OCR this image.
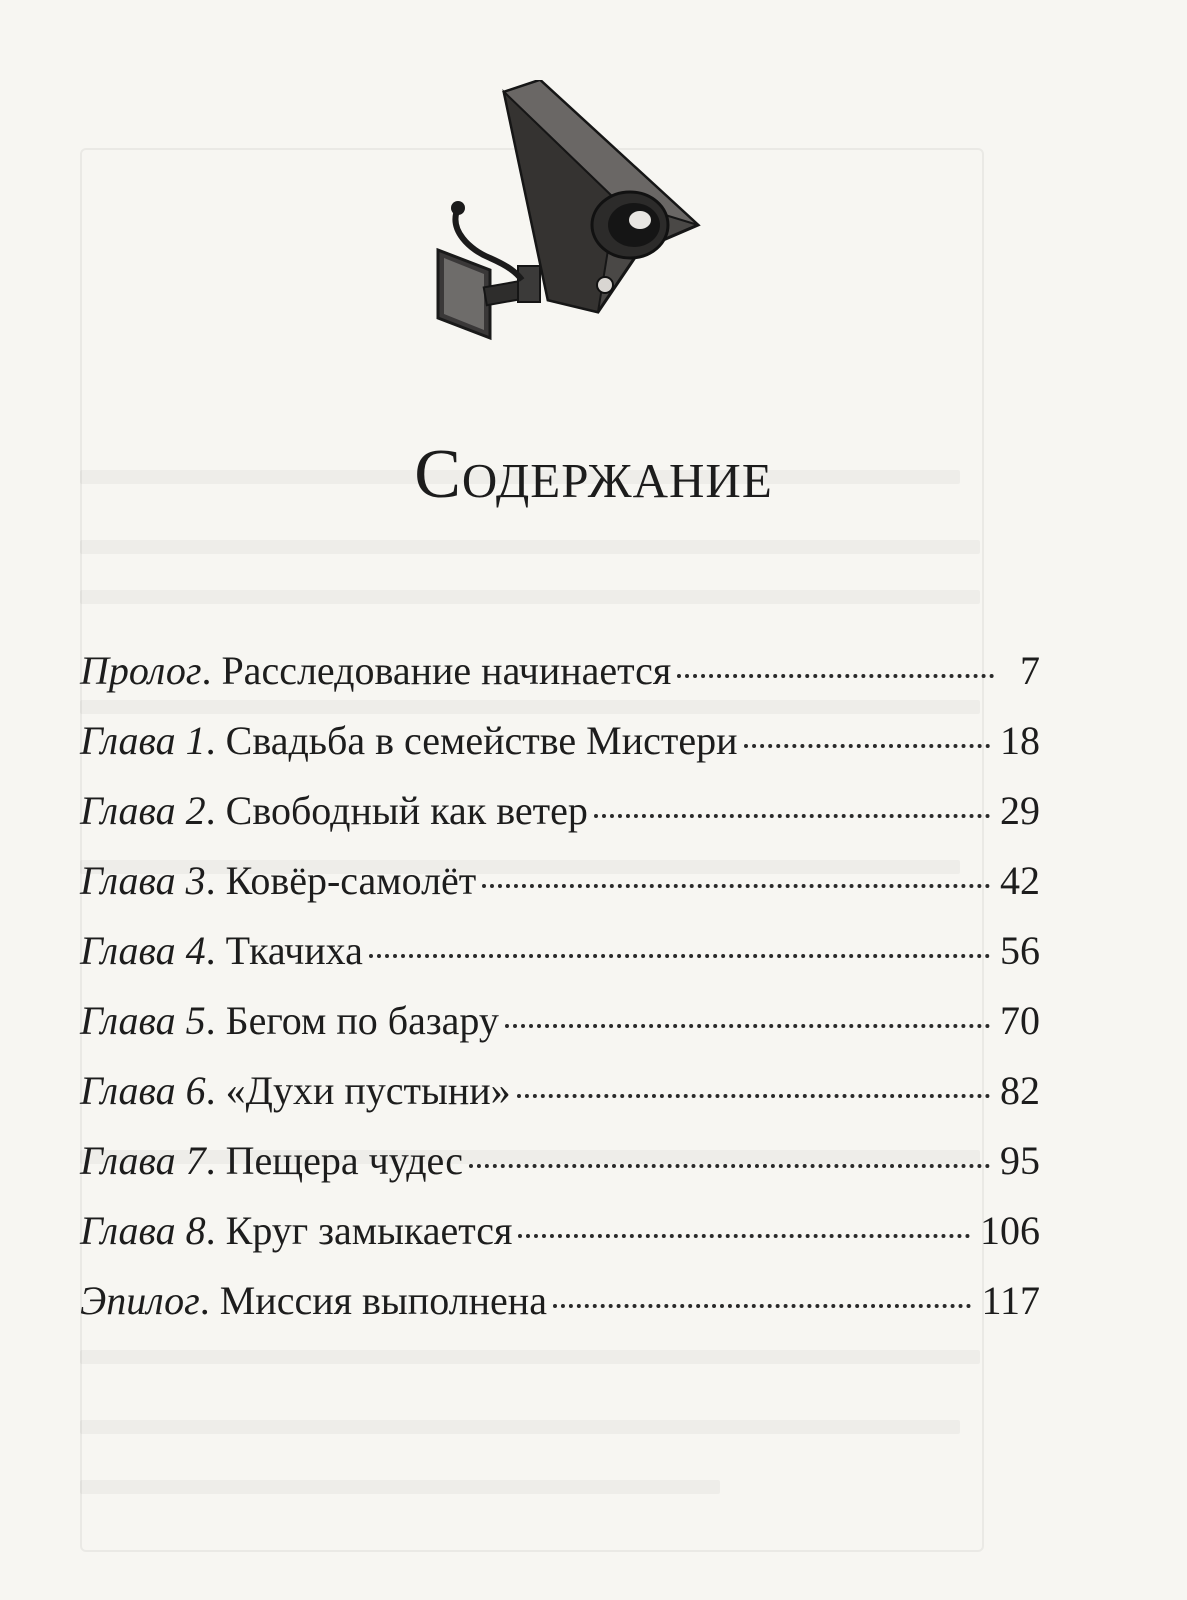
Содержание
Пролог . Расследование начинается	7
Глава 1 . Свадьба в семействе Мистери	18
Глава 2 . Свободный как ветер	29
Глава 3 . Ковёр-самолёт	42
Глава 4 . Ткачиха	56
Глава 5 . Бегом по базару	70
Глава 6 . «Духи пустыни»	82
Глава 7 . Пещера чудес	95
Глава 8 . Круг замыкается	106
Эпилог . Миссия выполнена	117
